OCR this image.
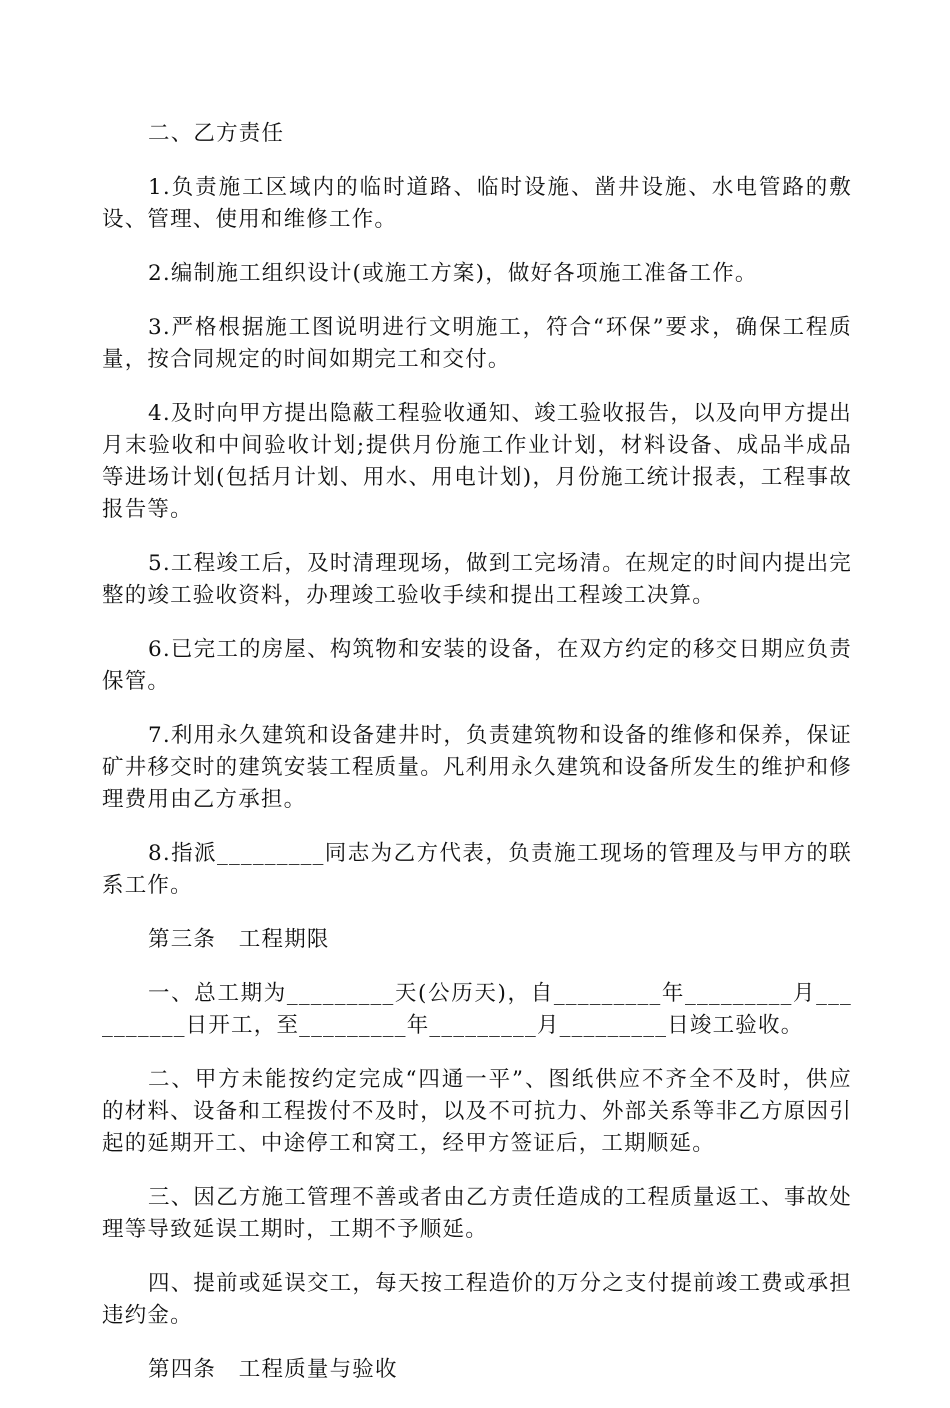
二、乙方责任

1.负责施工区域内的临时道路、临时设施、凿井设施、水电管路的敷设、管理、使用和维修工作。

2.编制施工组织设计(或施工方案)，做好各项施工准备工作。

3.严格根据施工图说明进行文明施工，符合“环保”要求，确保工程质量，按合同规定的时间如期完工和交付。

4.及时向甲方提出隐蔽工程验收通知、竣工验收报告，以及向甲方提出月末验收和中间验收计划;提供月份施工作业计划，材料设备、成品半成品等进场计划(包括月计划、用水、用电计划)，月份施工统计报表，工程事故报告等。

5.工程竣工后，及时清理现场，做到工完场清。在规定的时间内提出完整的竣工验收资料，办理竣工验收手续和提出工程竣工决算。

6.已完工的房屋、构筑物和安装的设备，在双方约定的移交日期应负责保管。

7.利用永久建筑和设备建井时，负责建筑物和设备的维修和保养，保证矿井移交时的建筑安装工程质量。凡利用永久建筑和设备所发生的维护和修理费用由乙方承担。

8.指派_________同志为乙方代表，负责施工现场的管理及与甲方的联系工作。

第三条　工程期限

一、总工期为_________天(公历天)，自_________年_________月__________日开工，至_________年_________月_________日竣工验收。

二、甲方未能按约定完成“四通一平”、图纸供应不齐全不及时，供应的材料、设备和工程拨付不及时，以及不可抗力、外部关系等非乙方原因引起的延期开工、中途停工和窝工，经甲方签证后，工期顺延。

三、因乙方施工管理不善或者由乙方责任造成的工程质量返工、事故处理等导致延误工期时，工期不予顺延。

四、提前或延误交工，每天按工程造价的万分之支付提前竣工费或承担违约金。

第四条　工程质量与验收
